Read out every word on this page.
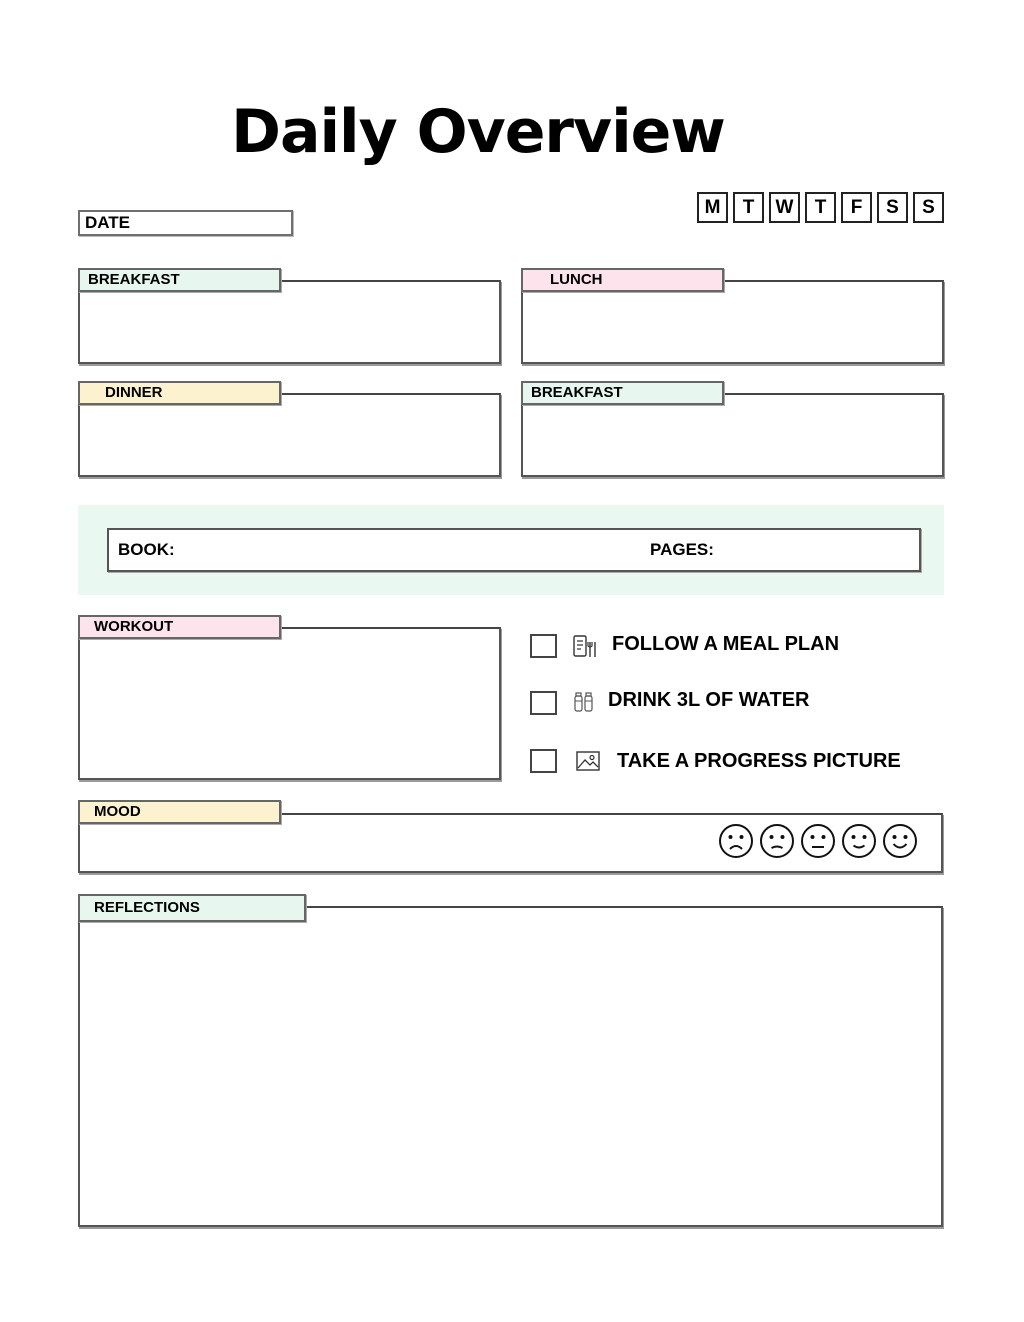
Daily Overview
DATE
M	T	W	T	F	S	S
BREAKFAST	LUNCH
DINNER	BREAKFAST
BOOK:	PAGES:
WORKOUT
FOLLOW A MEAL PLAN
DRINK 3L OF WATER
TAKE A PROGRESS PICTURE
MOOD
REFLECTIONS
